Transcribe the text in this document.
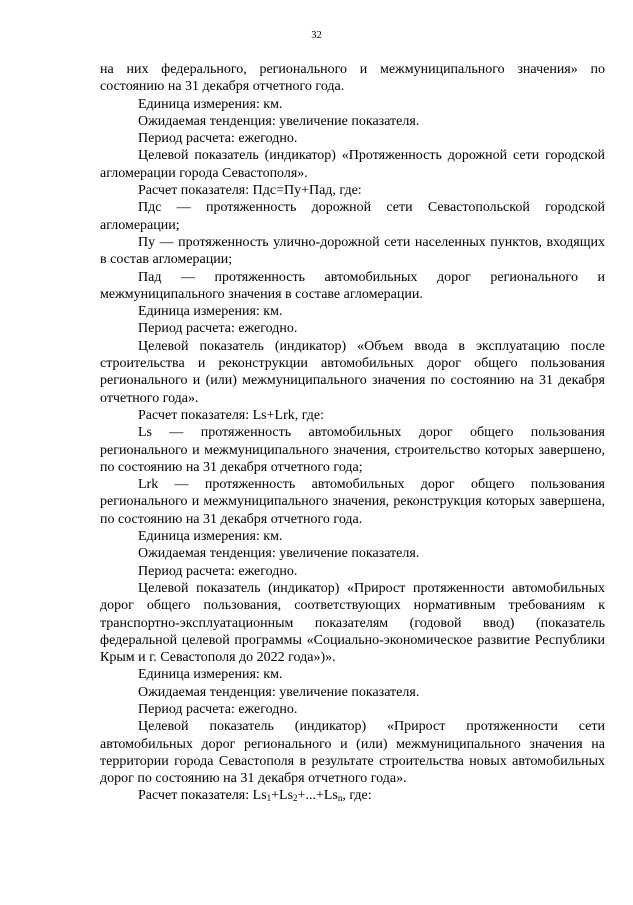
32

на них федерального, регионального и межмуниципального значения» по состоянию на 31 декабря отчетного года.

Единица измерения: км.

Ожидаемая тенденция: увеличение показателя.

Период расчета: ежегодно.

Целевой показатель (индикатор) «Протяженность дорожной сети городской агломерации города Севастополя».

Расчет показателя: Пдс=Пу+Пад, где:

Пдс — протяженность дорожной сети Севастопольской городской агломерации;

Пу — протяженность улично-дорожной сети населенных пунктов, входящих в состав агломерации;

Пад — протяженность автомобильных дорог регионального и межмуниципального значения в составе агломерации.

Единица измерения: км.

Период расчета: ежегодно.

Целевой показатель (индикатор) «Объем ввода в эксплуатацию после строительства и реконструкции автомобильных дорог общего пользования регионального и (или) межмуниципального значения по состоянию на 31 декабря отчетного года».

Расчет показателя: Ls+Lrk, где:

Ls — протяженность автомобильных дорог общего пользования регионального и межмуниципального значения, строительство которых завершено, по состоянию на 31 декабря отчетного года;

Lrk — протяженность автомобильных дорог общего пользования регионального и межмуниципального значения, реконструкция которых завершена, по состоянию на 31 декабря отчетного года.

Единица измерения: км.

Ожидаемая тенденция: увеличение показателя.

Период расчета: ежегодно.

Целевой показатель (индикатор) «Прирост протяженности автомобильных дорог общего пользования, соответствующих нормативным требованиям к транспортно-эксплуатационным показателям (годовой ввод) (показатель федеральной целевой программы «Социально-экономическое развитие Республики Крым и г. Севастополя до 2022 года»)».

Единица измерения: км.

Ожидаемая тенденция: увеличение показателя.

Период расчета: ежегодно.

Целевой показатель (индикатор) «Прирост протяженности сети автомобильных дорог регионального и (или) межмуниципального значения на территории города Севастополя в результате строительства новых автомобильных дорог по состоянию на 31 декабря отчетного года».

Расчет показателя: $Ls_1+Ls_2+...+Ls_n$, где:
